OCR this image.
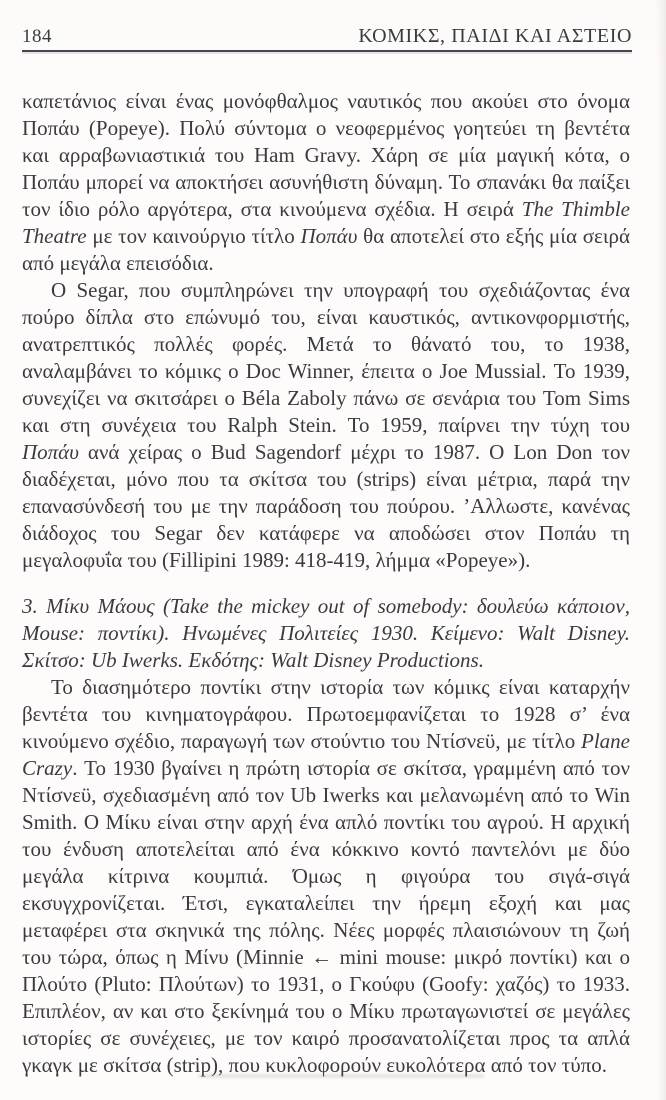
184	ΚΟΜΙΚΣ, ΠΑΙΔΙ ΚΑΙ ΑΣΤΕΙΟ

καπετάνιος είναι ένας μονόφθαλμος ναυτικός που ακούει στο όνομα Ποπάυ (Popeye). Πολύ σύντομα ο νεοφερμένος γοητεύει τη βεντέτα και αρραβωνιαστικιά του Ham Gravy. Χάρη σε μία μαγική κότα, ο Ποπάυ μπορεί να αποκτήσει ασυνήθιστη δύναμη. Το σπανάκι θα παίξει τον ίδιο ρόλο αργότερα, στα κινούμενα σχέδια. Η σειρά The Thimble Theatre με τον καινούργιο τίτλο Ποπάυ θα αποτελεί στο εξής μία σειρά από μεγάλα επεισόδια.

Ο Segar, που συμπληρώνει την υπογραφή του σχεδιάζοντας ένα πούρο δίπλα στο επώνυμό του, είναι καυστικός, αντικονφορμιστής, ανατρεπτικός πολλές φορές. Μετά το θάνατό του, το 1938, αναλαμβάνει το κόμικς ο Doc Winner, έπειτα ο Joe Mussial. Το 1939, συνεχίζει να σκιτσάρει ο Béla Zaboly πάνω σε σενάρια του Tom Sims και στη συνέχεια του Ralph Stein. Το 1959, παίρνει την τύχη του Ποπάυ ανά χείρας ο Bud Sagendorf μέχρι το 1987. Ο Lon Don τον διαδέχεται, μόνο που τα σκίτσα του (strips) είναι μέτρια, παρά την επανασύνδεσή του με την παράδοση του πούρου. ’Αλλωστε, κανένας διάδοχος του Segar δεν κατάφερε να αποδώσει στον Ποπάυ τη μεγαλοφυΐα του (Fillipini 1989: 418-419, λήμμα «Popeye»).

3. Μίκυ Μάους (Take the mickey out of somebody: δουλεύω κάποιον, Mouse: ποντίκι). Ηνωμένες Πολιτείες 1930. Κείμενο: Walt Disney. Σκίτσο: Ub Iwerks. Εκδότης: Walt Disney Productions.

Το διασημότερο ποντίκι στην ιστορία των κόμικς είναι καταρχήν βεντέτα του κινηματογράφου. Πρωτοεμφανίζεται το 1928 σ’ ένα κινούμενο σχέδιο, παραγωγή των στούντιο του Ντίσνεϋ, με τίτλο Plane Crazy. Το 1930 βγαίνει η πρώτη ιστορία σε σκίτσα, γραμμένη από τον Ντίσνεϋ, σχεδιασμένη από τον Ub Iwerks και μελανωμένη από το Win Smith. Ο Μίκυ είναι στην αρχή ένα απλό ποντίκι του αγρού. Η αρχική του ένδυση αποτελείται από ένα κόκκινο κοντό παντελόνι με δύο μεγάλα κίτρινα κουμπιά. Όμως η φιγούρα του σιγά-σιγά εκσυγχρονίζεται. Έτσι, εγκαταλείπει την ήρεμη εξοχή και μας μεταφέρει στα σκηνικά της πόλης. Νέες μορφές πλαισιώνουν τη ζωή του τώρα, όπως η Μίνυ (Minnie ← mini mouse: μικρό ποντίκι) και ο Πλούτο (Pluto: Πλούτων) το 1931, ο Γκούφυ (Goofy: χαζός) το 1933. Επιπλέον, αν και στο ξεκίνημά του ο Μίκυ πρωταγωνιστεί σε μεγάλες ιστορίες σε συνέχειες, με τον καιρό προσανατολίζεται προς τα απλά γκαγκ με σκίτσα (strip), που κυκλοφορούν ευκολότερα από τον τύπο.
